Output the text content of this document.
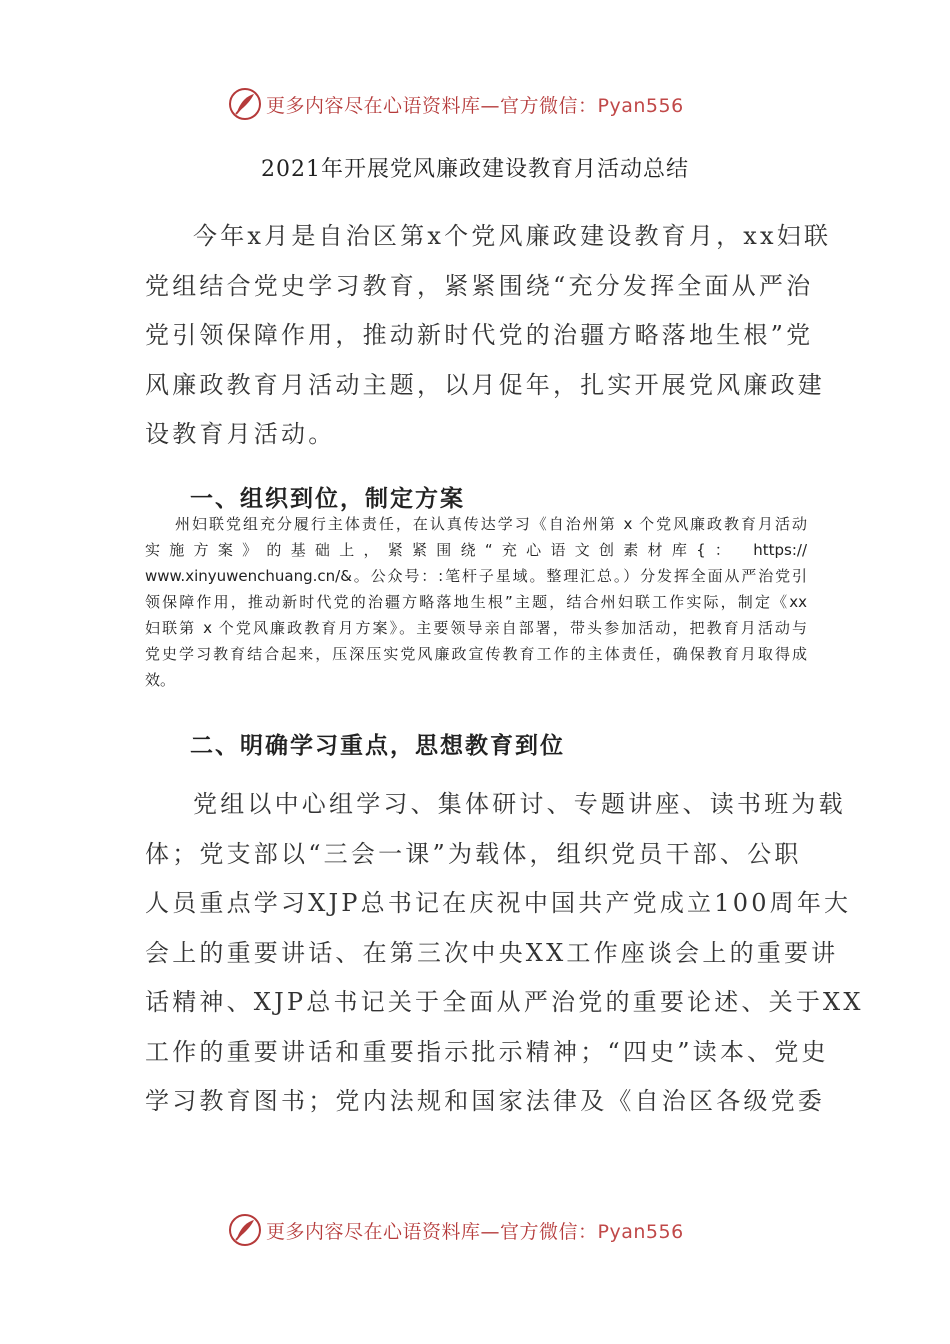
更多内容尽在心语资料库—官方微信：Pyan556
2021年开展党风廉政建设教育月活动总结

今年x月是自治区第x个党风廉政建设教育月，xx妇联
党组结合党史学习教育，紧紧围绕“充分发挥全面从严治
党引领保障作用，推动新时代党的治疆方略落地生根”党
风廉政教育月活动主题，以月促年，扎实开展党风廉政建
设教育月活动。

一、组织到位，制定方案

州妇联党组充分履行主体责任，在认真传达学习《自治州第 x 个党风廉政教育月活动
实施方案》的基础上，紧紧围绕“充心语文创素材库{： https://
www.xinyuwenchuang.cn/&。公众号：:笔杆子星域。整理汇总。）分发挥全面从严治党引
领保障作用，推动新时代党的治疆方略落地生根”主题，结合州妇联工作实际，制定《xx
妇联第 x 个党风廉政教育月方案》。主要领导亲自部署，带头参加活动，把教育月活动与
党史学习教育结合起来，压深压实党风廉政宣传教育工作的主体责任，确保教育月取得成
效。

二、明确学习重点，思想教育到位

党组以中心组学习、集体研讨、专题讲座、读书班为载
体；党支部以“三会一课”为载体，组织党员干部、公职
人员重点学习XJP总书记在庆祝中国共产党成立100周年大
会上的重要讲话、在第三次中央XX工作座谈会上的重要讲
话精神、XJP总书记关于全面从严治党的重要论述、关于XX
工作的重要讲话和重要指示批示精神；“四史”读本、党史
学习教育图书；党内法规和国家法律及《自治区各级党委

更多内容尽在心语资料库—官方微信：Pyan556
